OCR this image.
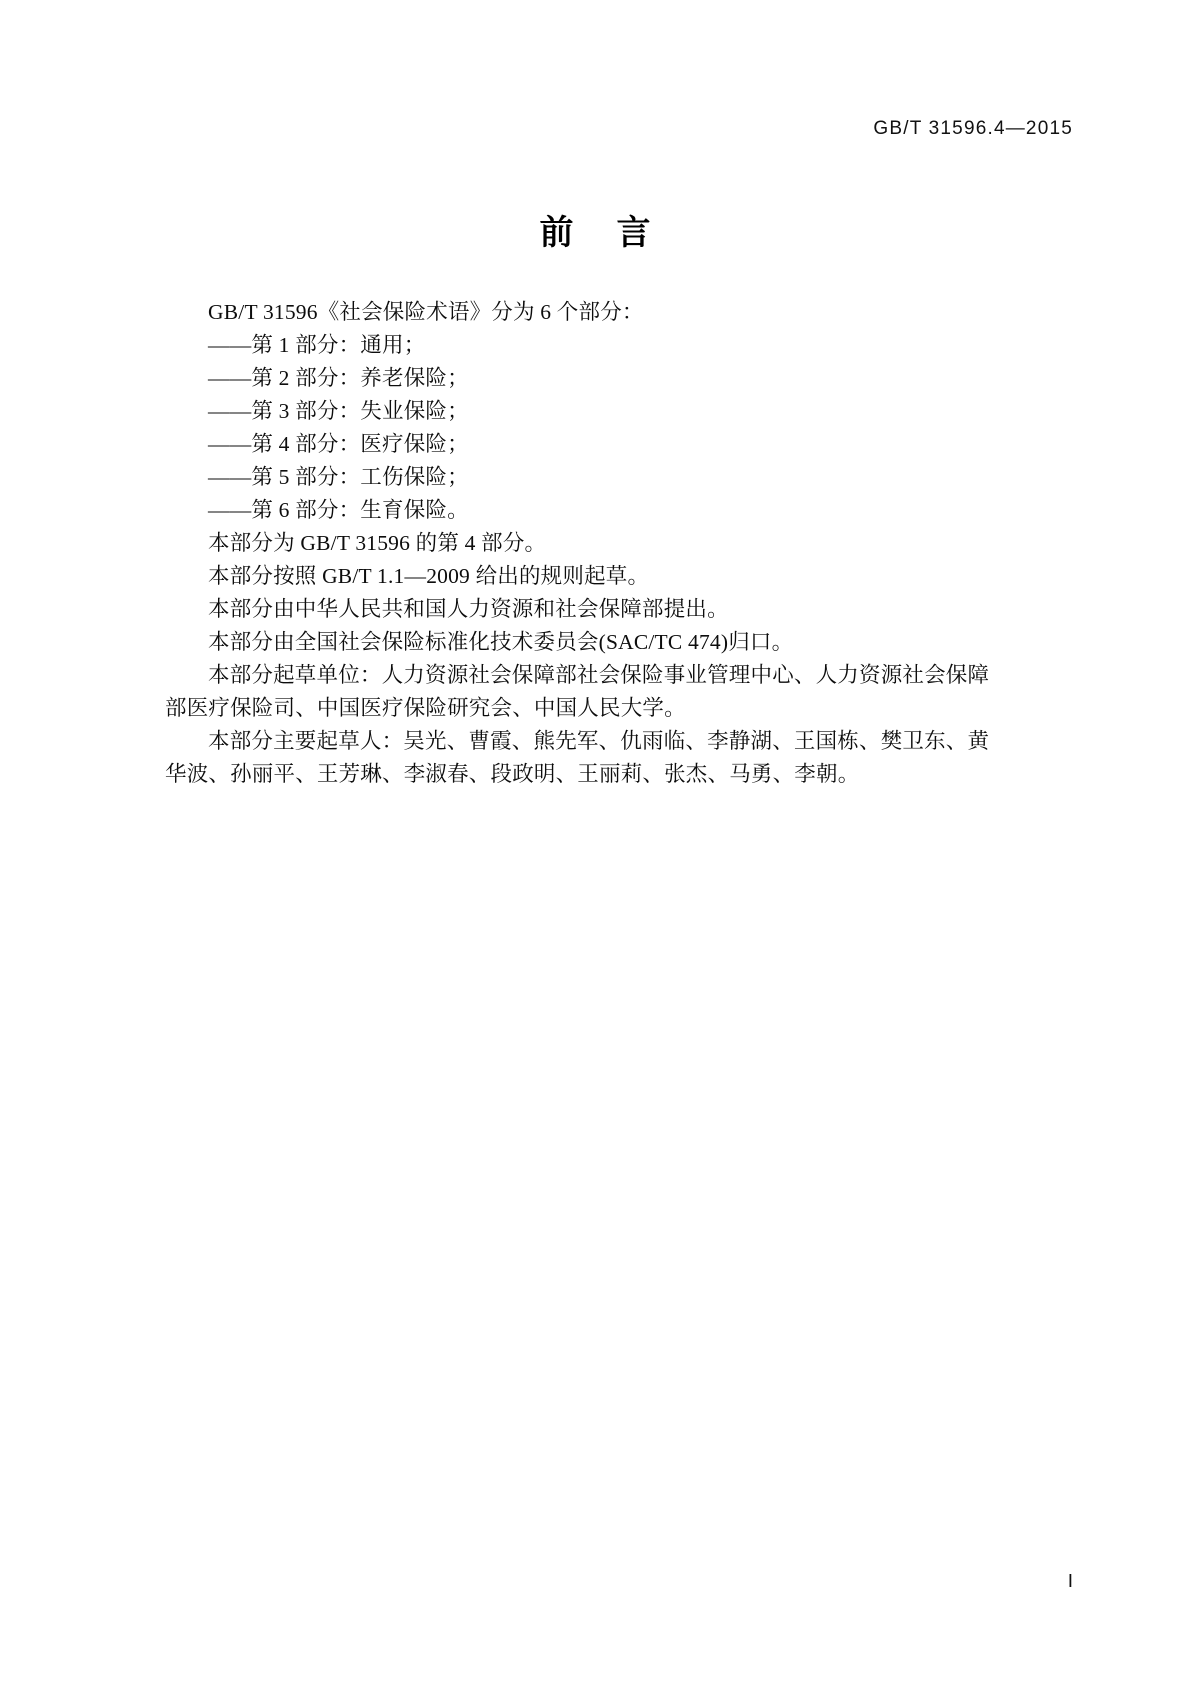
GB/T 31596.4—2015
前 言

GB/T 31596《社会保险术语》分为 6 个部分：

——第 1 部分：通用；

——第 2 部分：养老保险；

——第 3 部分：失业保险；

——第 4 部分：医疗保险；

——第 5 部分：工伤保险；

——第 6 部分：生育保险。

本部分为 GB/T 31596 的第 4 部分。

本部分按照 GB/T 1.1—2009 给出的规则起草。

本部分由中华人民共和国人力资源和社会保障部提出。

本部分由全国社会保险标准化技术委员会(SAC/TC 474)归口。

本部分起草单位：人力资源社会保障部社会保险事业管理中心、人力资源社会保障部医疗保险司、中国医疗保险研究会、中国人民大学。

本部分主要起草人：吴光、曹霞、熊先军、仇雨临、李静湖、王国栋、樊卫东、黄华波、孙丽平、王芳琳、李淑春、段政明、王丽莉、张杰、马勇、李朝。

Ⅰ
